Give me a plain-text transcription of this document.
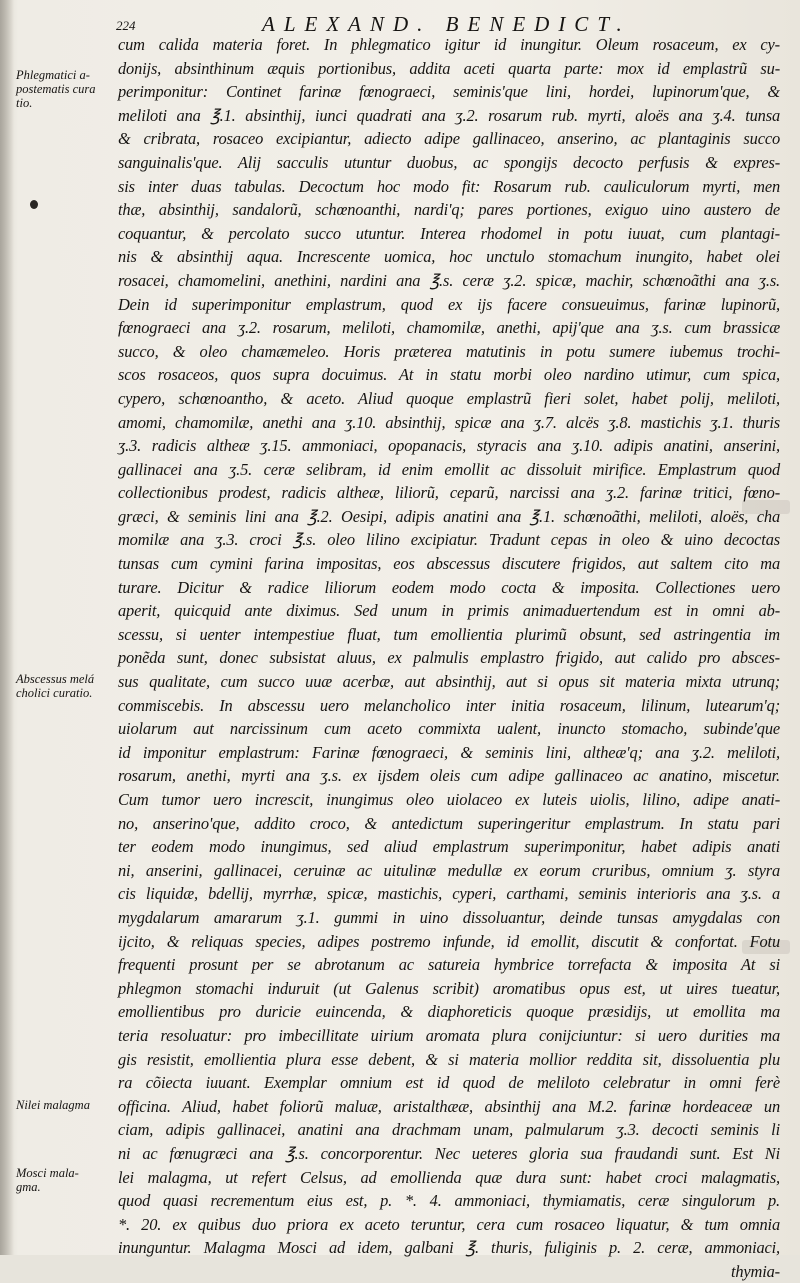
224	ALEXAND. BENEDICT.
Phlegmatici a-
postematis cura
tio.
Abscessus melá
cholici curatio.
Nilei malagma
Mosci mala-
gma.
cum calida materia foret. In phlegmatico igitur id inungitur. Oleum rosaceum, ex cy-
donijs, absinthinum æquis portionibus, addita aceti quarta parte: mox id emplastrũ su-
perimponitur: Continet farinæ fœnograeci, seminis'que lini, hordei, lupinorum'que, &
meliloti ana ℥.1. absinthij, iunci quadrati ana ʒ.2. rosarum rub. myrti, aloës ana ʒ.4. tunsa
& cribrata, rosaceo excipiantur, adiecto adipe gallinaceo, anserino, ac plantaginis succo
sanguinalis'que. Alij sacculis utuntur duobus, ac spongijs decocto perfusis & expres-
sis inter duas tabulas. Decoctum hoc modo fit: Rosarum rub. cauliculorum myrti, men
thæ, absinthij, sandalorũ, schœnoanthi, nardi'q; pares portiones, exiguo uino austero de
coquantur, & percolato succo utuntur. Interea rhodomel in potu iuuat, cum plantagi-
nis & absinthij aqua. Increscente uomica, hoc unctulo stomachum inungito, habet olei
rosacei, chamomelini, anethini, nardini ana ℥.s. ceræ ʒ.2. spicæ, machir, schœnoãthi ana ʒ.s.
Dein id superimponitur emplastrum, quod ex ijs facere consueuimus, farinæ lupinorũ,
fœnograeci ana ʒ.2. rosarum, meliloti, chamomilæ, anethi, apij'que ana ʒ.s. cum brassicæ
succo, & oleo chamæmeleo. Horis præterea matutinis in potu sumere iubemus trochi-
scos rosaceos, quos supra docuimus. At in statu morbi oleo nardino utimur, cum spica,
cypero, schœnoantho, & aceto. Aliud quoque emplastrũ fieri solet, habet polij, meliloti,
amomi, chamomilæ, anethi ana ʒ.10. absinthij, spicæ ana ʒ.7. alcës ʒ.8. mastichis ʒ.1. thuris
ʒ.3. radicis altheæ ʒ.15. ammoniaci, opopanacis, styracis ana ʒ.10. adipis anatini, anserini,
gallinacei ana ʒ.5. ceræ selibram, id enim emollit ac dissoluit mirifice. Emplastrum quod
collectionibus prodest, radicis altheæ, liliorũ, ceparũ, narcissi ana ʒ.2. farinæ tritici, fœno-
græci, & seminis lini ana ℥.2. Oesipi, adipis anatini ana ℥.1. schœnoãthi, meliloti, aloës, cha
momilæ ana ʒ.3. croci ℥.s. oleo lilino excipiatur. Tradunt cepas in oleo & uino decoctas
tunsas cum cymini farina impositas, eos abscessus discutere frigidos, aut saltem cito ma
turare. Dicitur & radice liliorum eodem modo cocta & imposita. Collectiones uero
aperit, quicquid ante diximus. Sed unum in primis animaduertendum est in omni ab-
scessu, si uenter intempestiue fluat, tum emollientia plurimũ obsunt, sed astringentia im
ponẽda sunt, donec subsistat aluus, ex palmulis emplastro frigido, aut calido pro absces-
sus qualitate, cum succo uuæ acerbæ, aut absinthij, aut si opus sit materia mixta utrunq;
commiscebis. In abscessu uero melancholico inter initia rosaceum, lilinum, lutearum'q;
uiolarum aut narcissinum cum aceto commixta ualent, inuncto stomacho, subinde'que
id imponitur emplastrum: Farinæ fœnograeci, & seminis lini, altheæ'q; ana ʒ.2. meliloti,
rosarum, anethi, myrti ana ʒ.s. ex ijsdem oleis cum adipe gallinaceo ac anatino, miscetur.
Cum tumor uero increscit, inungimus oleo uiolaceo ex luteis uiolis, lilino, adipe anati-
no, anserino'que, addito croco, & antedictum superingeritur emplastrum. In statu pari
ter eodem modo inungimus, sed aliud emplastrum superimponitur, habet adipis anati
ni, anserini, gallinacei, ceruinæ ac uitulinæ medullæ ex eorum cruribus, omnium ʒ. styra
cis liquidæ, bdellij, myrrhæ, spicæ, mastichis, cyperi, carthami, seminis interioris ana ʒ.s. a
mygdalarum amararum ʒ.1. gummi in uino dissoluantur, deinde tunsas amygdalas con
ijcito, & reliquas species, adipes postremo infunde, id emollit, discutit & confortat. Fotu
frequenti prosunt per se abrotanum ac satureia hymbrice torrefacta & imposita At si
phlegmon stomachi induruit (ut Galenus scribit) aromatibus opus est, ut uires tueatur,
emollientibus pro duricie euincenda, & diaphoreticis quoque præsidijs, ut emollita ma
teria resoluatur: pro imbecillitate uirium aromata plura conijciuntur: si uero durities ma
gis resistit, emollientia plura esse debent, & si materia mollior reddita sit, dissoluentia plu
ra cõiecta iuuant. Exemplar omnium est id quod de meliloto celebratur in omni ferè
officina. Aliud, habet foliorũ maluæ, aristalthææ, absinthij ana M.2. farinæ hordeaceæ un
ciam, adipis gallinacei, anatini ana drachmam unam, palmularum ʒ.3. decocti seminis li
ni ac fœnugræci ana ℥.s. concorporentur. Nec ueteres gloria sua fraudandi sunt. Est Ni
lei malagma, ut refert Celsus, ad emollienda quæ dura sunt: habet croci malagmatis,
quod quasi recrementum eius est, p. *. 4. ammoniaci, thymiamatis, ceræ singulorum p.
*. 20. ex quibus duo priora ex aceto teruntur, cera cum rosaceo liquatur, & tum omnia
inunguntur. Malagma Mosci ad idem, galbani ℥. thuris, fuliginis p. 2. ceræ, ammoniaci,
thymia-
